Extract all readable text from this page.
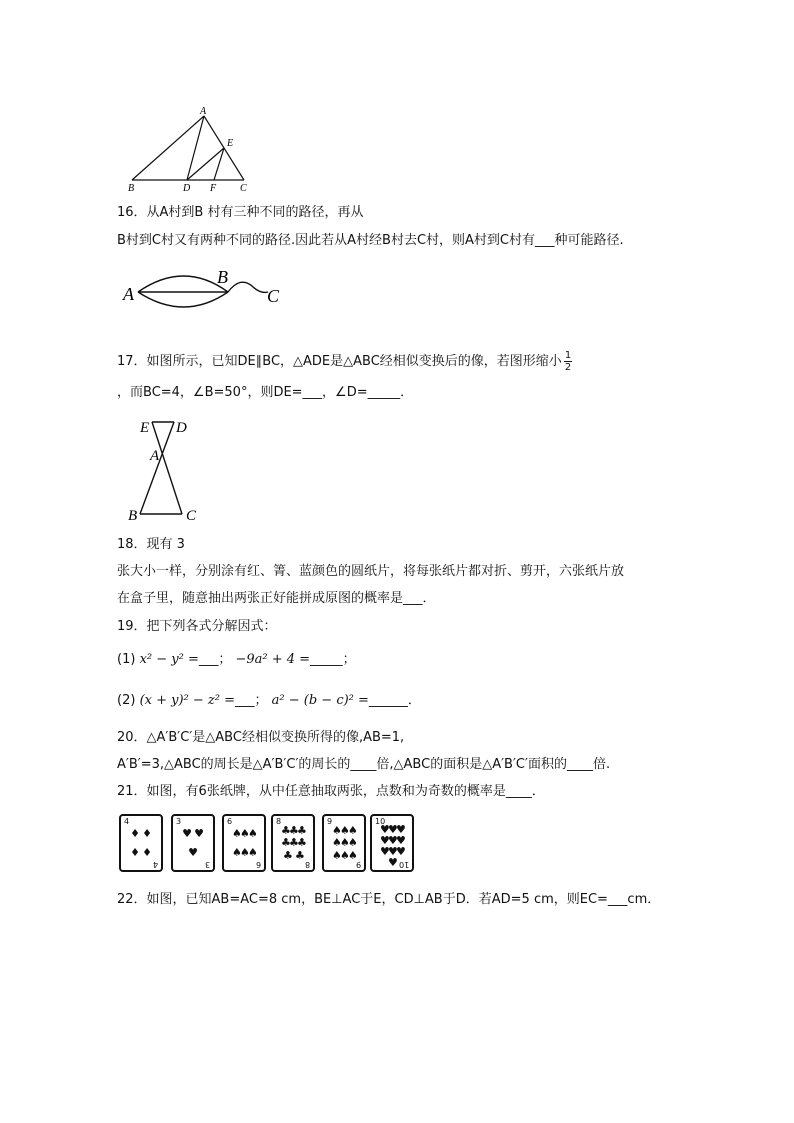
A
E
B	D F C
16．从A村到B 村有三种不同的路径，再从
B村到C村又有两种不同的路径.因此若从A村经B村去C村，则A村到C村有___种可能路径.
A
B
C
17．如图所示，已知DE∥BC，△ADE是△ABC经相似变换后的像，若图形缩小 $\frac{1}{2}$
，而BC=4，∠B=50°，则DE=___，∠D=_____．
E D
A
B	C
18．现有 3
张大小一样，分别涂有红、箐、蓝颜色的圆纸片，将每张纸片都对折、剪开，六张纸片放
在盒子里，随意抽出两张正好能拼成原图的概率是___．
19．把下列各式分解因式：
(1) x² − y² =___； −9a² + 4 =_____；
(2) (x + y)² − z² =___； a² − (b − c)² =______．
20．△A′B′C′是△ABC经相似变换所得的像,AB=1,
A′B′=3,△ABC的周长是△A′B′C′的周长的____倍,△ABC的面积是△A′B′C′面积的____倍.
21．如图，有6张纸牌，从中任意抽取两张，点数和为奇数的概率是____．
4
4
♦ ♦
♦ ♦
3
3
♥ ♥
♥
6
6
♠
♠
♠
♠
♠
♠
8
8
♣
♣
♣
♣
♣
♣
♣ ♣
9
9
♠
♠
♠
♠
♠
♠
♠
♠
♠
10
10
♥
♥
♥
♥
♥
♥
♥
♥
♥
♥
22．如图，已知AB=AC=8 cm，BE⊥AC于E，CD⊥AB于D．若AD=5 cm，则EC=___cm．
